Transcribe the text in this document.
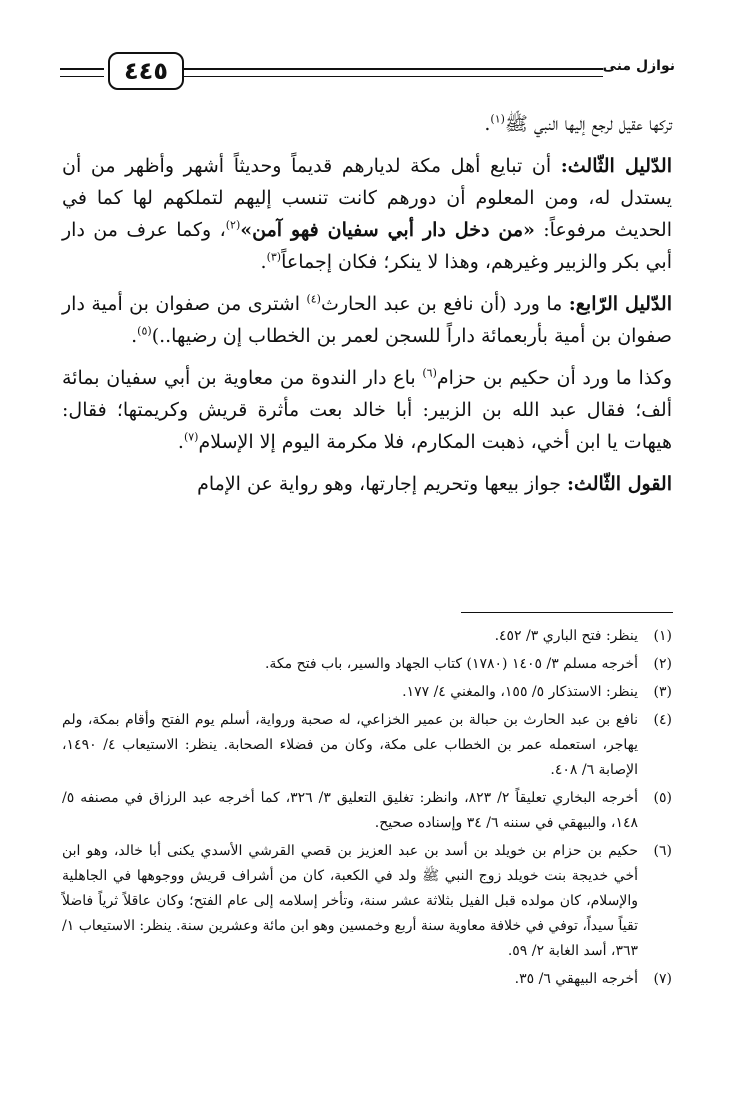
نوازل منى
٤٤٥

تركها عقيل لرجع إليها النبي ﷺ$^{(١)}$.

الدّليل الثّالث: أن تبايع أهل مكة لديارهم قديماً وحديثاً أشهر وأظهر من أن يستدل له، ومن المعلوم أن دورهم كانت تنسب إليهم لتملكهم لها كما في الحديث مرفوعاً: «من دخل دار أبي سفيان فهو آمن»$^{(٢)}$، وكما عرف من دار أبي بكر والزبير وغيرهم، وهذا لا ينكر؛ فكان إجماعاً$^{(٣)}$.

الدّليل الرّابع: ما ورد (أن نافع بن عبد الحارث$^{(٤)}$ اشترى من صفوان بن أمية دار صفوان بن أمية بأربعمائة داراً للسجن لعمر بن الخطاب إن رضيها..)$^{(٥)}$.

وكذا ما ورد أن حكيم بن حزام$^{(٦)}$ باع دار الندوة من معاوية بن أبي سفيان بمائة ألف؛ فقال عبد الله بن الزبير: أبا خالد بعت مأثرة قريش وكريمتها؛ فقال: هيهات يا ابن أخي، ذهبت المكارم، فلا مكرمة اليوم إلا الإسلام$^{(٧)}$.

القول الثّالث: جواز بيعها وتحريم إجارتها، وهو رواية عن الإمام

(١)
ينظر: فتح الباري ٣/ ٤٥٢.
(٢)
أخرجه مسلم ٣/ ١٤٠٥ (١٧٨٠) كتاب الجهاد والسير، باب فتح مكة.
(٣)
ينظر: الاستذكار ٥/ ١٥٥، والمغني ٤/ ١٧٧.
(٤)
نافع بن عبد الحارث بن حبالة بن عمير الخزاعي، له صحبة ورواية، أسلم يوم الفتح وأقام بمكة، ولم يهاجر، استعمله عمر بن الخطاب على مكة، وكان من فضلاء الصحابة. ينظر: الاستيعاب ٤/ ١٤٩٠، الإصابة ٦/ ٤٠٨.
(٥)
أخرجه البخاري تعليقاً ٢/ ٨٢٣، وانظر: تغليق التعليق ٣/ ٣٢٦، كما أخرجه عبد الرزاق في مصنفه ٥/ ١٤٨، والبيهقي في سننه ٦/ ٣٤ وإسناده صحيح.
(٦)
حكيم بن حزام بن خويلد بن أسد بن عبد العزيز بن قصي القرشي الأسدي يكنى أبا خالد، وهو ابن أخي خديجة بنت خويلد زوج النبي ﷺ ولد في الكعبة، كان من أشراف قريش ووجوهها في الجاهلية والإسلام، كان مولده قبل الفيل بثلاثة عشر سنة، وتأخر إسلامه إلى عام الفتح؛ وكان عاقلاً ثرياً فاضلاً تقياً سيداً، توفي في خلافة معاوية سنة أربع وخمسين وهو ابن مائة وعشرين سنة. ينظر: الاستيعاب ١/ ٣٦٣، أسد الغابة ٢/ ٥٩.
(٧)
أخرجه البيهقي ٦/ ٣٥.
